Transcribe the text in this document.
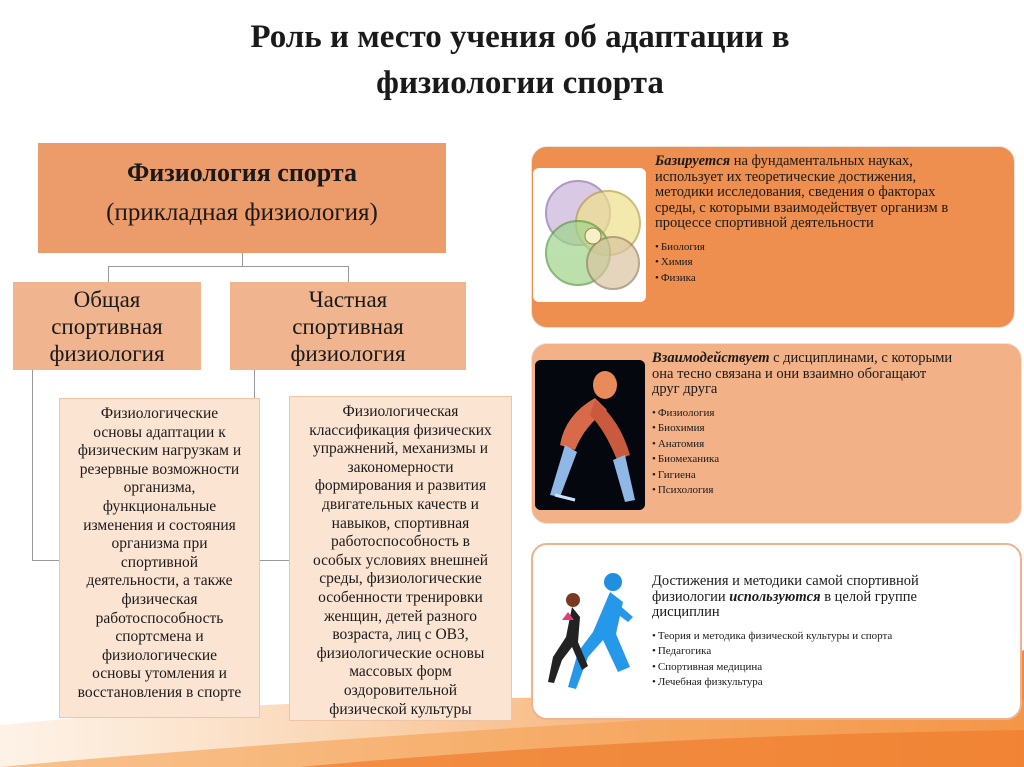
Роль и место учения об адаптации в
физиологии спорта
Физиология спорта
(прикладная физиология)
Общая
спортивная
физиология
Частная
спортивная
физиология
Физиологические
основы адаптации к
физическим нагрузкам и
резервные возможности
организма,
функциональные
изменения и состояния
организма при
спортивной
деятельности, а также
физическая
работоспособность
спортсмена и
физиологические
основы утомления и
восстановления в спорте
Физиологическая
классификация физических
упражнений, механизмы и
закономерности
формирования и развития
двигательных качеств и
навыков, спортивная
работоспособность в
особых условиях внешней
среды, физиологические
особенности тренировки
женщин, детей разного
возраста, лиц с ОВЗ,
физиологические основы
массовых форм
оздоровительной
физической культуры
Базируется на фундаментальных науках,
использует их теоретические достижения,
методики исследования, сведения о факторах
среды, с которыми взаимодействует организм в
процессе спортивной деятельности
• Биология
• Химия
• Физика
Взаимодействует с дисциплинами, с которыми
она тесно связана и они взаимно обогащают
друг друга
• Физиология
• Биохимия
• Анатомия
• Биомеханика
• Гигиена
• Психология
Достижения и методики самой спортивной
физиологии используются в целой группе
дисциплин
• Теория и методика физической культуры и спорта
• Педагогика
• Спортивная медицина
• Лечебная физкультура
